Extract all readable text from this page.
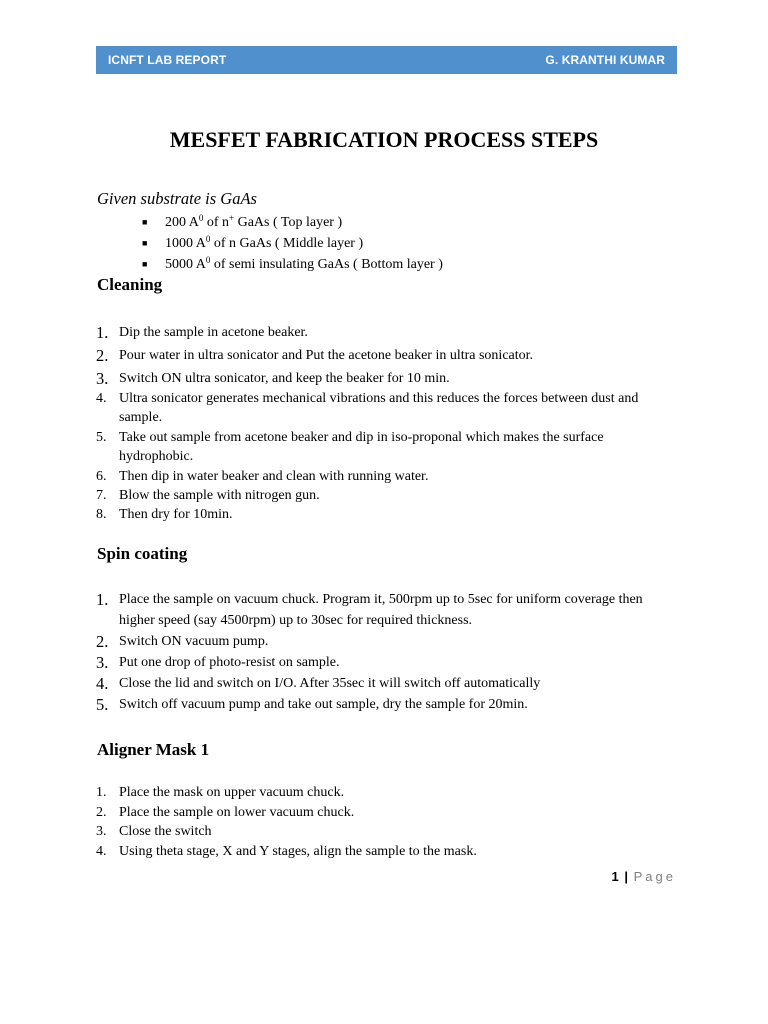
ICNFT LAB REPORT	G. KRANTHI KUMAR
MESFET FABRICATION PROCESS STEPS
Given substrate is GaAs
■ 200 $A^0$ of n+ GaAs ( Top layer )
■ 1000 $A^0$ of n GaAs ( Middle layer )
■ 5000 $A^0$ of semi insulating GaAs ( Bottom layer )
Cleaning
1. Dip the sample in acetone beaker.
2. Pour water in ultra sonicator and Put the acetone beaker in ultra sonicator.
3. Switch ON ultra sonicator, and keep the beaker for 10 min.
4. Ultra sonicator generates mechanical vibrations and this reduces the forces between dust and sample.
5. Take out sample from acetone beaker and dip in iso-proponal which makes the surface hydrophobic.
6. Then dip in water beaker and clean with running water.
7. Blow the sample with nitrogen gun.
8. Then dry for 10min.
Spin coating
1. Place the sample on vacuum chuck. Program it, 500rpm up to 5sec for uniform coverage then higher speed (say 4500rpm) up to 30sec for required thickness.
2. Switch ON vacuum pump.
3. Put one drop of photo-resist on sample.
4. Close the lid and switch on I/O. After 35sec it will switch off automatically
5. Switch off vacuum pump and take out sample, dry the sample for 20min.
Aligner Mask 1
1. Place the mask on upper vacuum chuck.
2. Place the sample on lower vacuum chuck.
3. Close the switch
4. Using theta stage, X and Y stages, align the sample to the mask.
1 | Page
